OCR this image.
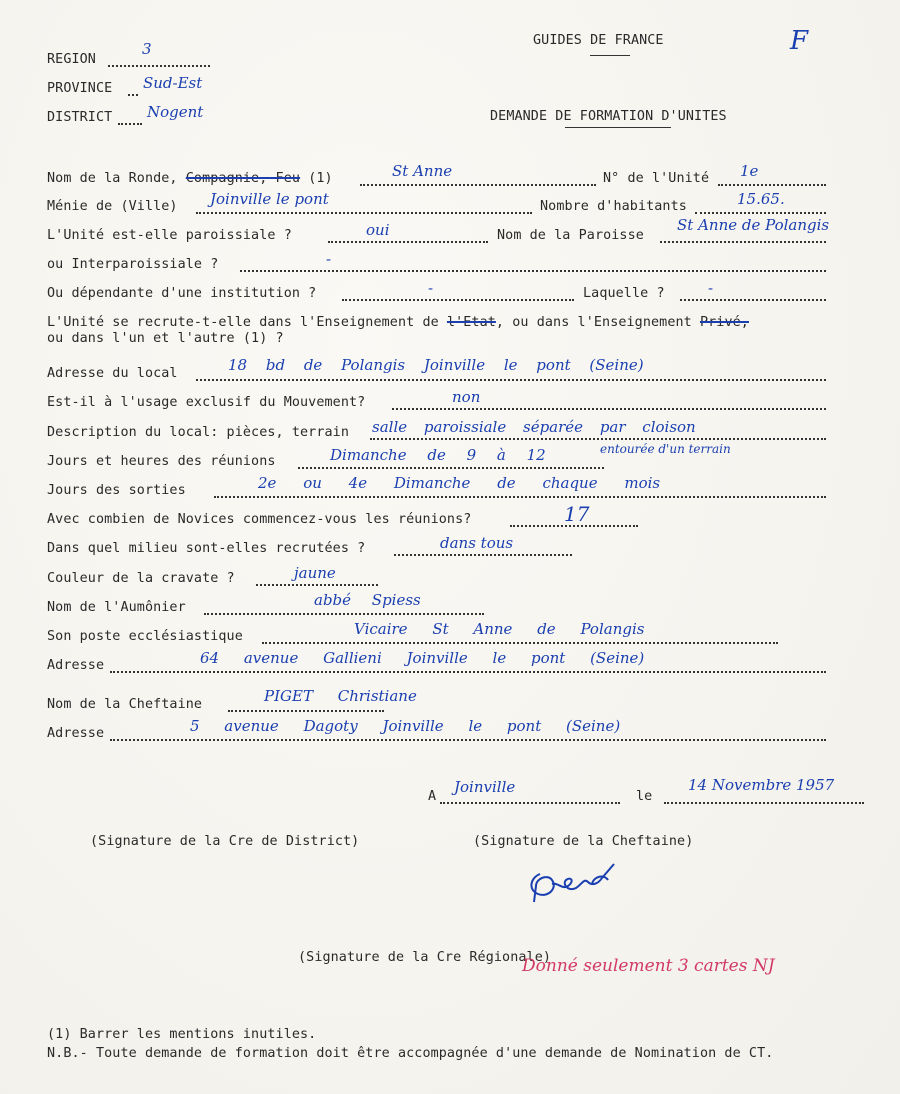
GUIDES DE FRANCE	F
REGION
3
PROVINCE Sud-Est
DISTRICT Nogent	DEMANDE DE FORMATION D'UNITES
Nom de la Ronde, Compagnie, Feu (1)	St Anne	N° de l'Unité 1e
Ménie de (Ville) Joinville le pont	Nombre d'habitants	15.65.
L'Unité est-elle paroissiale ?	oui	Nom de la Paroisse
St Anne de Polangis
ou Interparoissiale ?	-
Ou dépendante d'une institution ?	-	Laquelle ?	-
L'Unité se recrute-t-elle dans l'Enseignement de l'Etat, ou dans l'Enseignement Privé,
ou dans l'un et l'autre (1) ?
Adresse du local	18 bd de Polangis Joinville le pont (Seine)
Est-il à l'usage exclusif du Mouvement?	non
Description du local: pièces, terrain salle paroissiale séparée par cloison
entourée d'un terrain
Jours et heures des réunions	Dimanche de 9 à 12
Jours des sorties	2e ou 4e Dimanche de chaque mois
Avec combien de Novices commencez-vous les réunions?	17
Dans quel milieu sont-elles recrutées ?	dans tous
Couleur de la cravate ?	jaune
Nom de l'Aumônier	abbé Spiess
Son poste ecclésiastique	Vicaire St Anne de Polangis
Adresse	64 avenue Gallieni Joinville le pont (Seine)
Nom de la Cheftaine	PIGET Christiane
Adresse	5 avenue Dagoty Joinville le pont (Seine)
A
Joinville
le
14 Novembre 1957
(Signature de la Cre de District)	(Signature de la Cheftaine)
(Signature de la Cre Régionale)
Donné seulement 3 cartes NJ
(1) Barrer les mentions inutiles.
N.B.- Toute demande de formation doit être accompagnée d'une demande de Nomination de CT.
